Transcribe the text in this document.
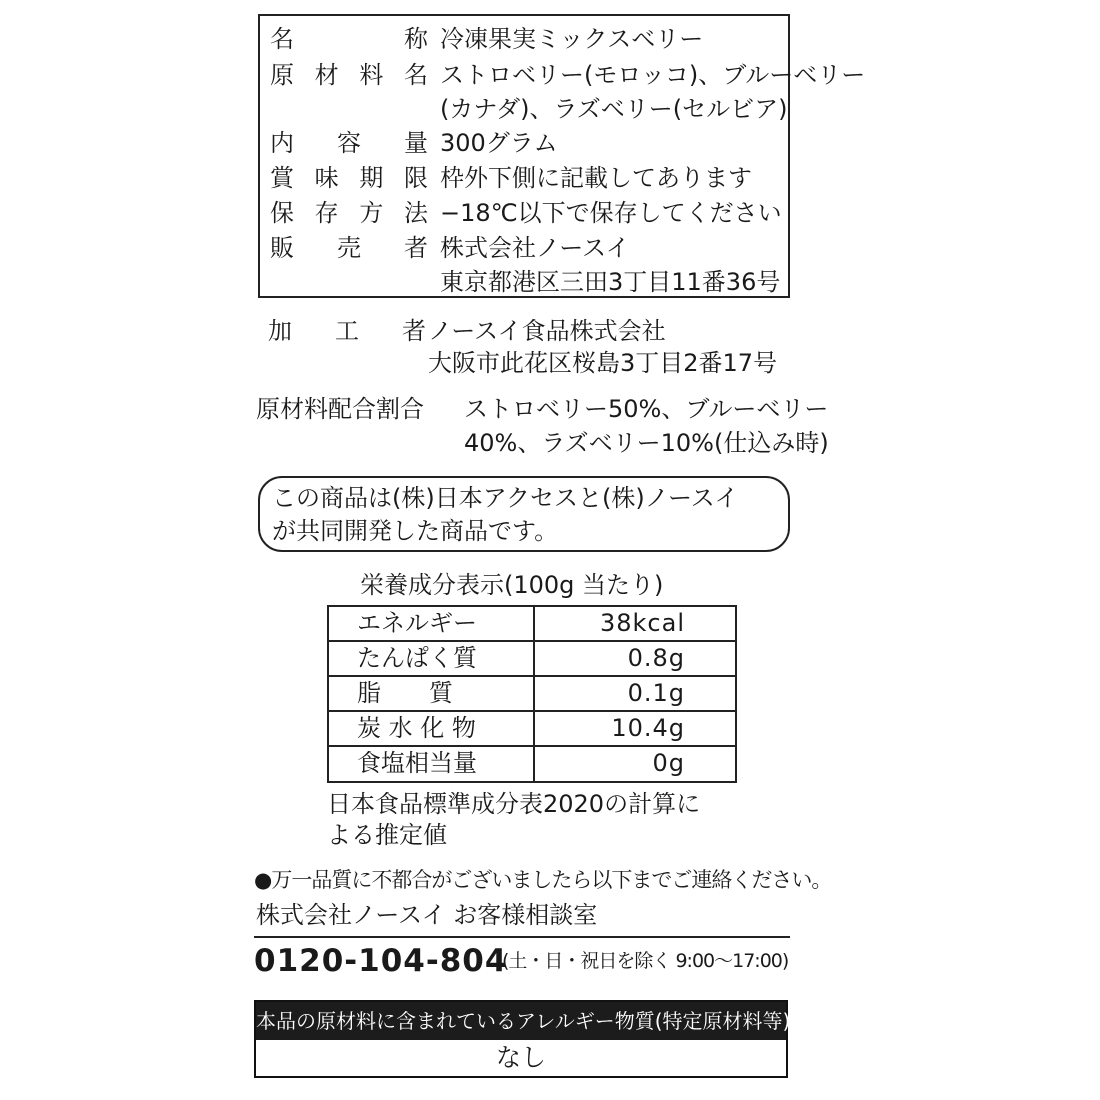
名称 冷凍果実ミックスベリー
原材料名 ストロベリー(モロッコ)、ブルーベリー
(カナダ)、ラズベリー(セルビア)
内容量 300グラム
賞味期限 枠外下側に記載してあります
保存方法 −18℃以下で保存してください
販売者 株式会社ノースイ
東京都港区三田3丁目11番36号
加工者 ノースイ食品株式会社
大阪市此花区桜島3丁目2番17号
原材料配合割合 ストロベリー50%、ブルーベリー
40%、ラズベリー10%(仕込み時)
この商品は(株)日本アクセスと(株)ノースイ
が共同開発した商品です。
栄養成分表示(100g 当たり)
エネルギー	38kcal
たんぱく質	0.8g
脂　　質	0.1g
炭 水 化 物	10.4g
食塩相当量	0g
日本食品標準成分表2020の計算に
よる推定値
●万一品質に不都合がございましたら以下までご連絡ください。
株式会社ノースイ お客様相談室
0120-104-804
(土・日・祝日を除く 9:00〜17:00)
本品の原材料に含まれているアレルギー物質(特定原材料等)
なし
